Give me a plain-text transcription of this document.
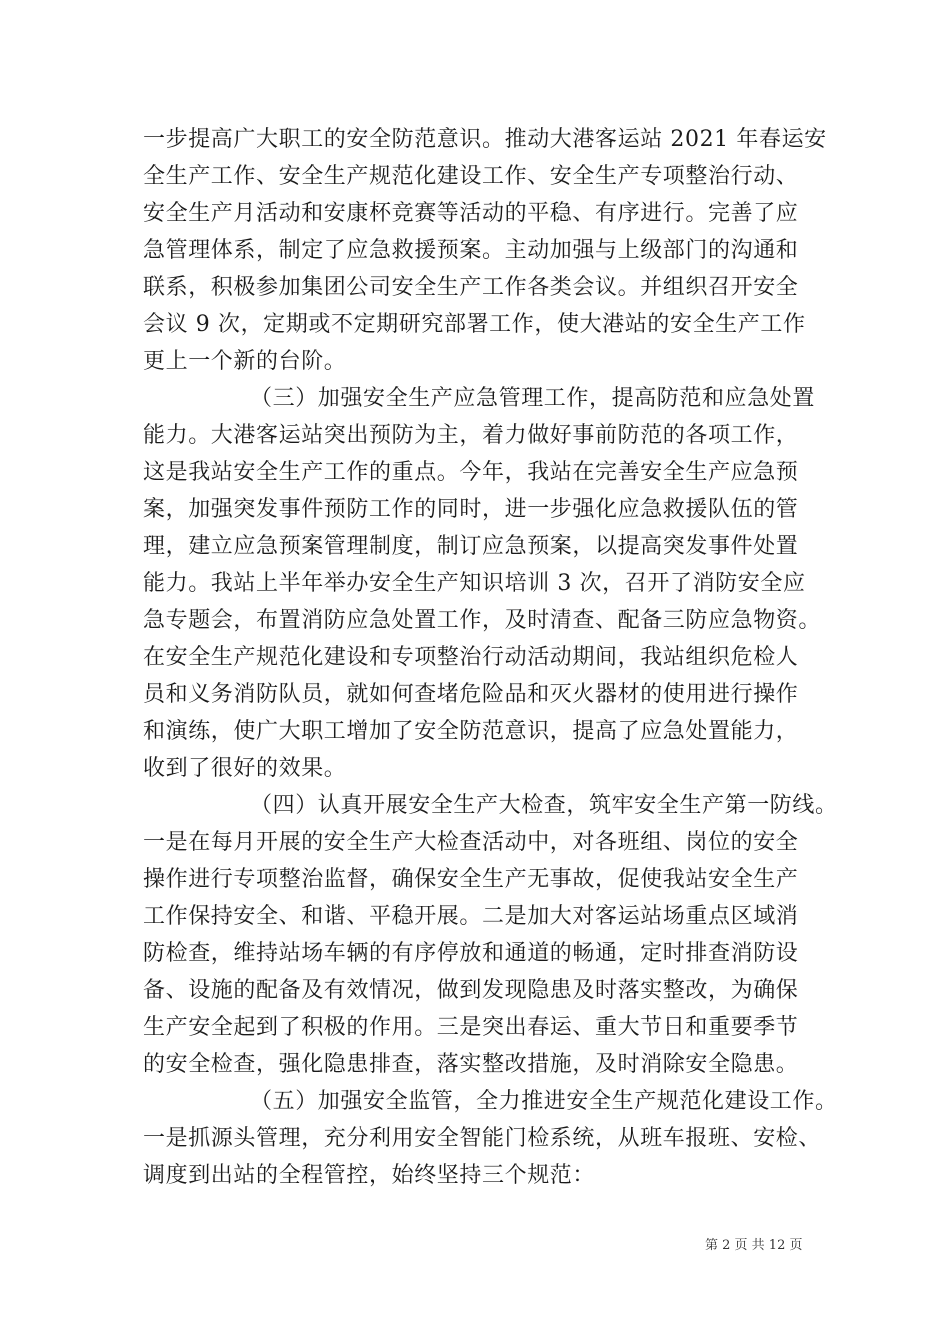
一步提高广大职工的安全防范意识。推动大港客运站 2021 年春运安
全生产工作、安全生产规范化建设工作、安全生产专项整治行动、
安全生产月活动和安康杯竞赛等活动的平稳、有序进行。完善了应
急管理体系，制定了应急救援预案。主动加强与上级部门的沟通和
联系，积极参加集团公司安全生产工作各类会议。并组织召开安全
会议 9 次，定期或不定期研究部署工作，使大港站的安全生产工作
更上一个新的台阶。
（三）加强安全生产应急管理工作，提高防范和应急处置
能力。大港客运站突出预防为主，着力做好事前防范的各项工作，
这是我站安全生产工作的重点。今年，我站在完善安全生产应急预
案，加强突发事件预防工作的同时，进一步强化应急救援队伍的管
理，建立应急预案管理制度，制订应急预案，以提高突发事件处置
能力。我站上半年举办安全生产知识培训 3 次，召开了消防安全应
急专题会，布置消防应急处置工作，及时清查、配备三防应急物资。
在安全生产规范化建设和专项整治行动活动期间，我站组织危检人
员和义务消防队员，就如何查堵危险品和灭火器材的使用进行操作
和演练，使广大职工增加了安全防范意识，提高了应急处置能力，
收到了很好的效果。
（四）认真开展安全生产大检查，筑牢安全生产第一防线。
一是在每月开展的安全生产大检查活动中，对各班组、岗位的安全
操作进行专项整治监督，确保安全生产无事故，促使我站安全生产
工作保持安全、和谐、平稳开展。二是加大对客运站场重点区域消
防检查，维持站场车辆的有序停放和通道的畅通，定时排查消防设
备、设施的配备及有效情况，做到发现隐患及时落实整改，为确保
生产安全起到了积极的作用。三是突出春运、重大节日和重要季节
的安全检查，强化隐患排查，落实整改措施，及时消除安全隐患。
（五）加强安全监管，全力推进安全生产规范化建设工作。
一是抓源头管理，充分利用安全智能门检系统，从班车报班、安检、
调度到出站的全程管控，始终坚持三个规范：
第 2 页 共 12 页
